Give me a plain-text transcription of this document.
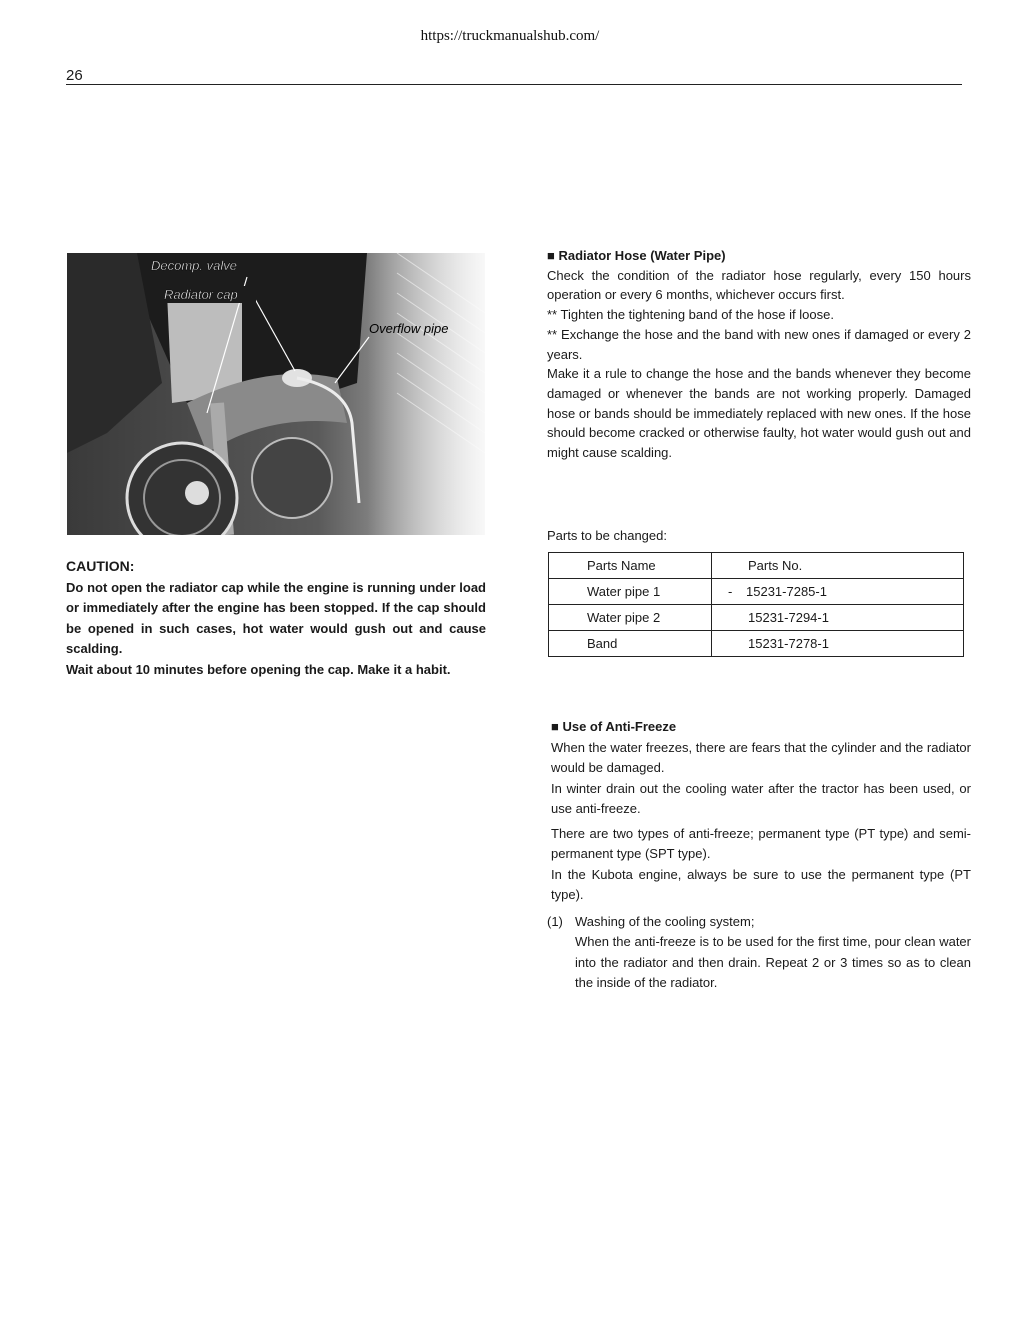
https://truckmanualshub.com/
26
Decomp. valve
Radiator cap
Overflow pipe
CAUTION:

Do not open the radiator cap while the engine is running under load or immediately after the engine has been stopped. If the cap should be opened in such cases, hot water would gush out and cause scalding.

Wait about 10 minutes before opening the cap. Make it a habit.

■ Radiator Hose (Water Pipe)

Check the condition of the radiator hose regularly, every 150 hours operation or every 6 months, whichever occurs first.

** Tighten the tightening band of the hose if loose.

** Exchange the hose and the band with new ones if damaged or every 2 years.

Make it a rule to change the hose and the bands whenever they become damaged or whenever the bands are not working properly. Damaged hose or bands should be immediately replaced with new ones. If the hose should become cracked or otherwise faulty, hot water would gush out and might cause scalding.

Parts to be changed:
Parts Name	Parts No.
Water pipe 1	- 15231-7285-1
Water pipe 2	15231-7294-1
Band	15231-7278-1
■ Use of Anti-Freeze

When the water freezes, there are fears that the cylinder and the radiator would be damaged.

In winter drain out the cooling water after the tractor has been used, or use anti-freeze.

There are two types of anti-freeze; permanent type (PT type) and semi-permanent type (SPT type).

In the Kubota engine, always be sure to use the permanent type (PT type).

(1) Washing of the cooling system;
When the anti-freeze is to be used for the first time, pour clean water into the radiator and then drain. Repeat 2 or 3 times so as to clean the inside of the radiator.
